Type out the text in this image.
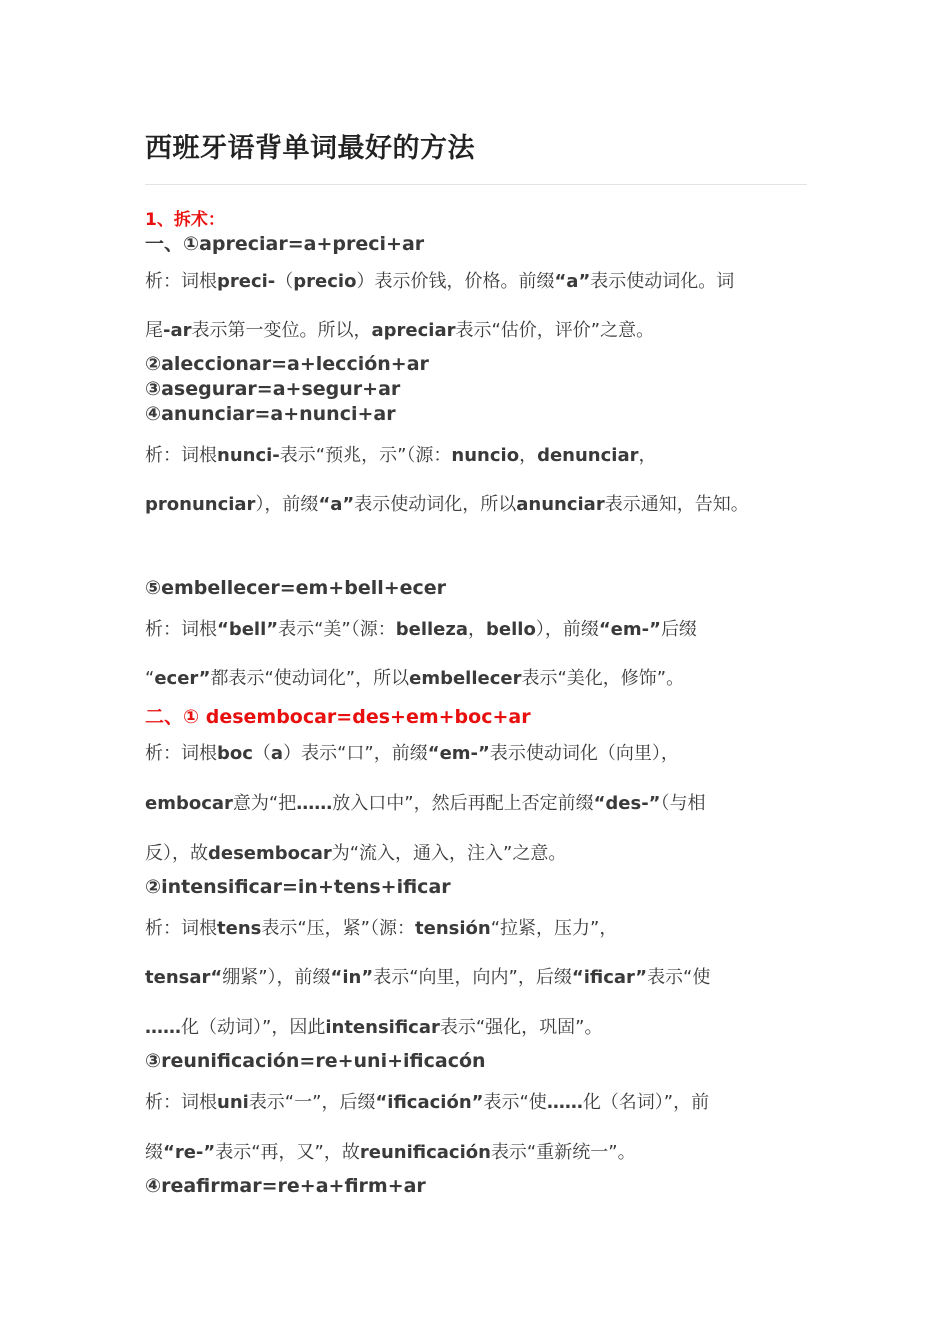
西班牙语背单词最好的方法
1、拆术：
一、①apreciar=a+preci+ar
析：词根preci-（precio）表示价钱，价格。前缀“a”表示使动词化。词
尾-ar表示第一变位。所以，apreciar表示“估价，评价”之意。
②aleccionar=a+lección+ar
③asegurar=a+segur+ar
④anunciar=a+nunci+ar
析：词根nunci-表示“预兆，示”（源：nuncio，denunciar，
pronunciar），前缀“a”表示使动词化，所以anunciar表示通知，告知。
⑤embellecer=em+bell+ecer
析：词根“bell”表示“美”（源：belleza，bello），前缀“em-”后缀
“ecer”都表示“使动词化”，所以embellecer表示“美化，修饰”。
二、① desembocar=des+em+boc+ar
析：词根boc（a）表示“口”，前缀“em-”表示使动词化（向里），
embocar意为“把……放入口中”，然后再配上否定前缀“des-”（与相
反），故desembocar为“流入，通入，注入”之意。
②intensificar=in+tens+ificar
析：词根tens表示“压，紧”（源：tensión“拉紧，压力”，
tensar“绷紧”），前缀“in”表示“向里，向内”，后缀“ificar”表示“使
……化（动词）”，因此intensificar表示“强化，巩固”。
③reunificación=re+uni+ificacón
析：词根uni表示“一”，后缀“ificación”表示“使……化（名词）”，前
缀“re-”表示“再，又”，故reunificación表示“重新统一”。
④reafirmar=re+a+firm+ar
